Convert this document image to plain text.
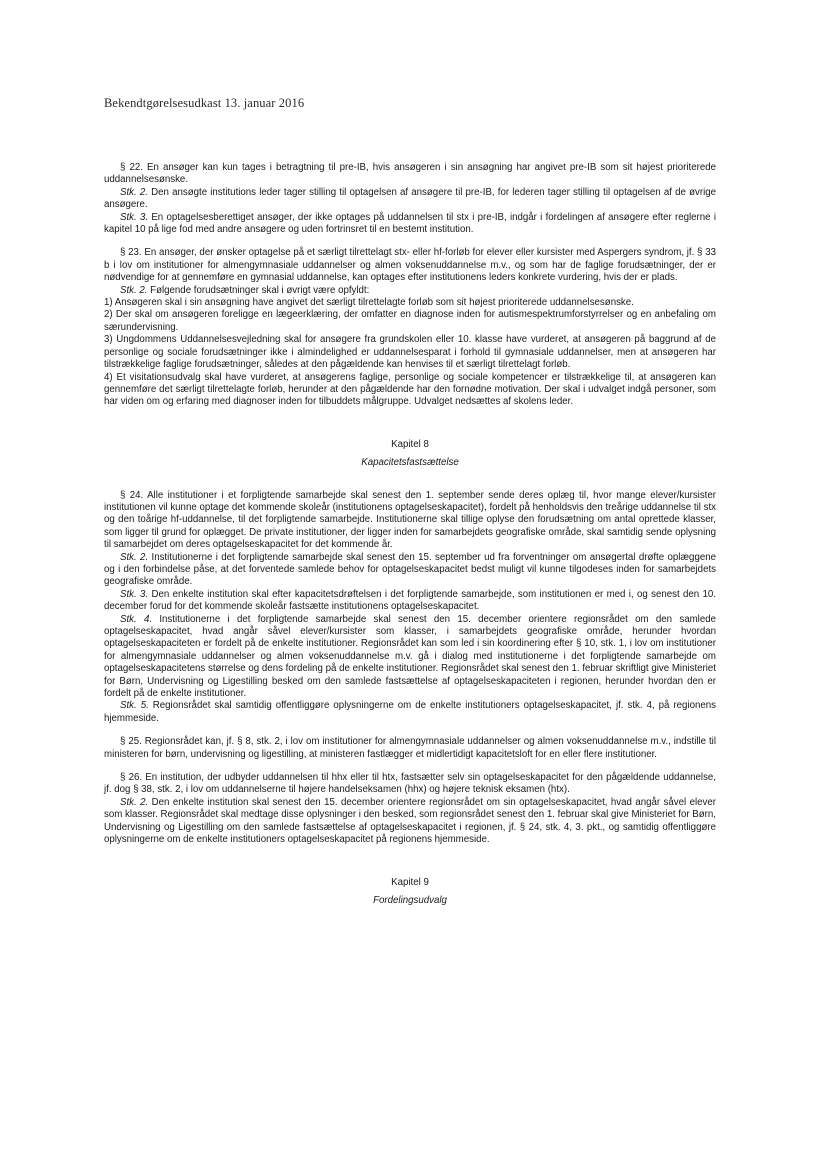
Bekendtgørelsesudkast 13. januar 2016

§ 22. En ansøger kan kun tages i betragtning til pre-IB, hvis ansøgeren i sin ansøgning har angivet pre-IB som sit højest prioriterede uddannelsesønske.

Stk. 2. Den ansøgte institutions leder tager stilling til optagelsen af ansøgere til pre-IB, for lederen tager stilling til optagelsen af de øvrige ansøgere.

Stk. 3. En optagelsesberettiget ansøger, der ikke optages på uddannelsen til stx i pre-IB, indgår i fordelingen af ansøgere efter reglerne i kapitel 10 på lige fod med andre ansøgere og uden fortrinsret til en bestemt institution.

§ 23. En ansøger, der ønsker optagelse på et særligt tilrettelagt stx- eller hf-forløb for elever eller kursister med Aspergers syndrom, jf. § 33 b i lov om institutioner for almengymnasiale uddannelser og almen voksenuddannelse m.v., og som har de faglige forudsætninger, der er nødvendige for at gennemføre en gymnasial uddannelse, kan optages efter institutionens leders konkrete vurdering, hvis der er plads.

Stk. 2. Følgende forudsætninger skal i øvrigt være opfyldt:

1) Ansøgeren skal i sin ansøgning have angivet det særligt tilrettelagte forløb som sit højest prioriterede uddannelsesønske.

2) Der skal om ansøgeren foreligge en lægeerklæring, der omfatter en diagnose inden for autismespektrumforstyrrelser og en anbefaling om særundervisning.

3) Ungdommens Uddannelsesvejledning skal for ansøgere fra grundskolen eller 10. klasse have vurderet, at ansøgeren på baggrund af de personlige og sociale forudsætninger ikke i almindelighed er uddannelsesparat i forhold til gymnasiale uddannelser, men at ansøgeren har tilstrækkelige faglige forudsætninger, således at den pågældende kan henvises til et særligt tilrettelagt forløb.

4) Et visitationsudvalg skal have vurderet, at ansøgerens faglige, personlige og sociale kompetencer er tilstrækkelige til, at ansøgeren kan gennemføre det særligt tilrettelagte forløb, herunder at den pågældende har den fornødne motivation. Der skal i udvalget indgå personer, som har viden om og erfaring med diagnoser inden for tilbuddets målgruppe. Udvalget nedsættes af skolens leder.

Kapitel 8

Kapacitetsfastsættelse

§ 24. Alle institutioner i et forpligtende samarbejde skal senest den 1. september sende deres oplæg til, hvor mange elever/kursister institutionen vil kunne optage det kommende skoleår (institutionens optagelseskapacitet), fordelt på henholdsvis den treårige uddannelse til stx og den toårige hf-uddannelse, til det forpligtende samarbejde. Institutionerne skal tillige oplyse den forudsætning om antal oprettede klasser, som ligger til grund for oplægget. De private institutioner, der ligger inden for samarbejdets geografiske område, skal samtidig sende oplysning til samarbejdet om deres optagelseskapacitet for det kommende år.

Stk. 2. Institutionerne i det forpligtende samarbejde skal senest den 15. september ud fra forventninger om ansøgertal drøfte oplæggene og i den forbindelse påse, at det forventede samlede behov for optagelseskapacitet bedst muligt vil kunne tilgodeses inden for samarbejdets geografiske område.

Stk. 3. Den enkelte institution skal efter kapacitetsdrøftelsen i det forpligtende samarbejde, som institutionen er med i, og senest den 10. december forud for det kommende skoleår fastsætte institutionens optagelseskapacitet.

Stk. 4. Institutionerne i det forpligtende samarbejde skal senest den 15. december orientere regionsrådet om den samlede optagelseskapacitet, hvad angår såvel elever/kursister som klasser, i samarbejdets geografiske område, herunder hvordan optagelseskapaciteten er fordelt på de enkelte institutioner. Regionsrådet kan som led i sin koordinering efter § 10, stk. 1, i lov om institutioner for almengymnasiale uddannelser og almen voksenuddannelse m.v. gå i dialog med institutionerne i det forpligtende samarbejde om optagelseskapacitetens størrelse og dens fordeling på de enkelte institutioner. Regionsrådet skal senest den 1. februar skriftligt give Ministeriet for Børn, Undervisning og Ligestilling besked om den samlede fastsættelse af optagelseskapaciteten i regionen, herunder hvordan den er fordelt på de enkelte institutioner.

Stk. 5. Regionsrådet skal samtidig offentliggøre oplysningerne om de enkelte institutioners optagelseskapacitet, jf. stk. 4, på regionens hjemmeside.

§ 25. Regionsrådet kan, jf. § 8, stk. 2, i lov om institutioner for almengymnasiale uddannelser og almen voksenuddannelse m.v., indstille til ministeren for børn, undervisning og ligestilling, at ministeren fastlægger et midlertidigt kapacitetsloft for en eller flere institutioner.

§ 26. En institution, der udbyder uddannelsen til hhx eller til htx, fastsætter selv sin optagelseskapacitet for den pågældende uddannelse, jf. dog § 38, stk. 2, i lov om uddannelserne til højere handelseksamen (hhx) og højere teknisk eksamen (htx).

Stk. 2. Den enkelte institution skal senest den 15. december orientere regionsrådet om sin optagelseskapacitet, hvad angår såvel elever som klasser. Regionsrådet skal medtage disse oplysninger i den besked, som regionsrådet senest den 1. februar skal give Ministeriet for Børn, Undervisning og Ligestilling om den samlede fastsættelse af optagelseskapacitet i regionen, jf. § 24, stk. 4, 3. pkt., og samtidig offentliggøre oplysningerne om de enkelte institutioners optagelseskapacitet på regionens hjemmeside.

Kapitel 9

Fordelingsudvalg
